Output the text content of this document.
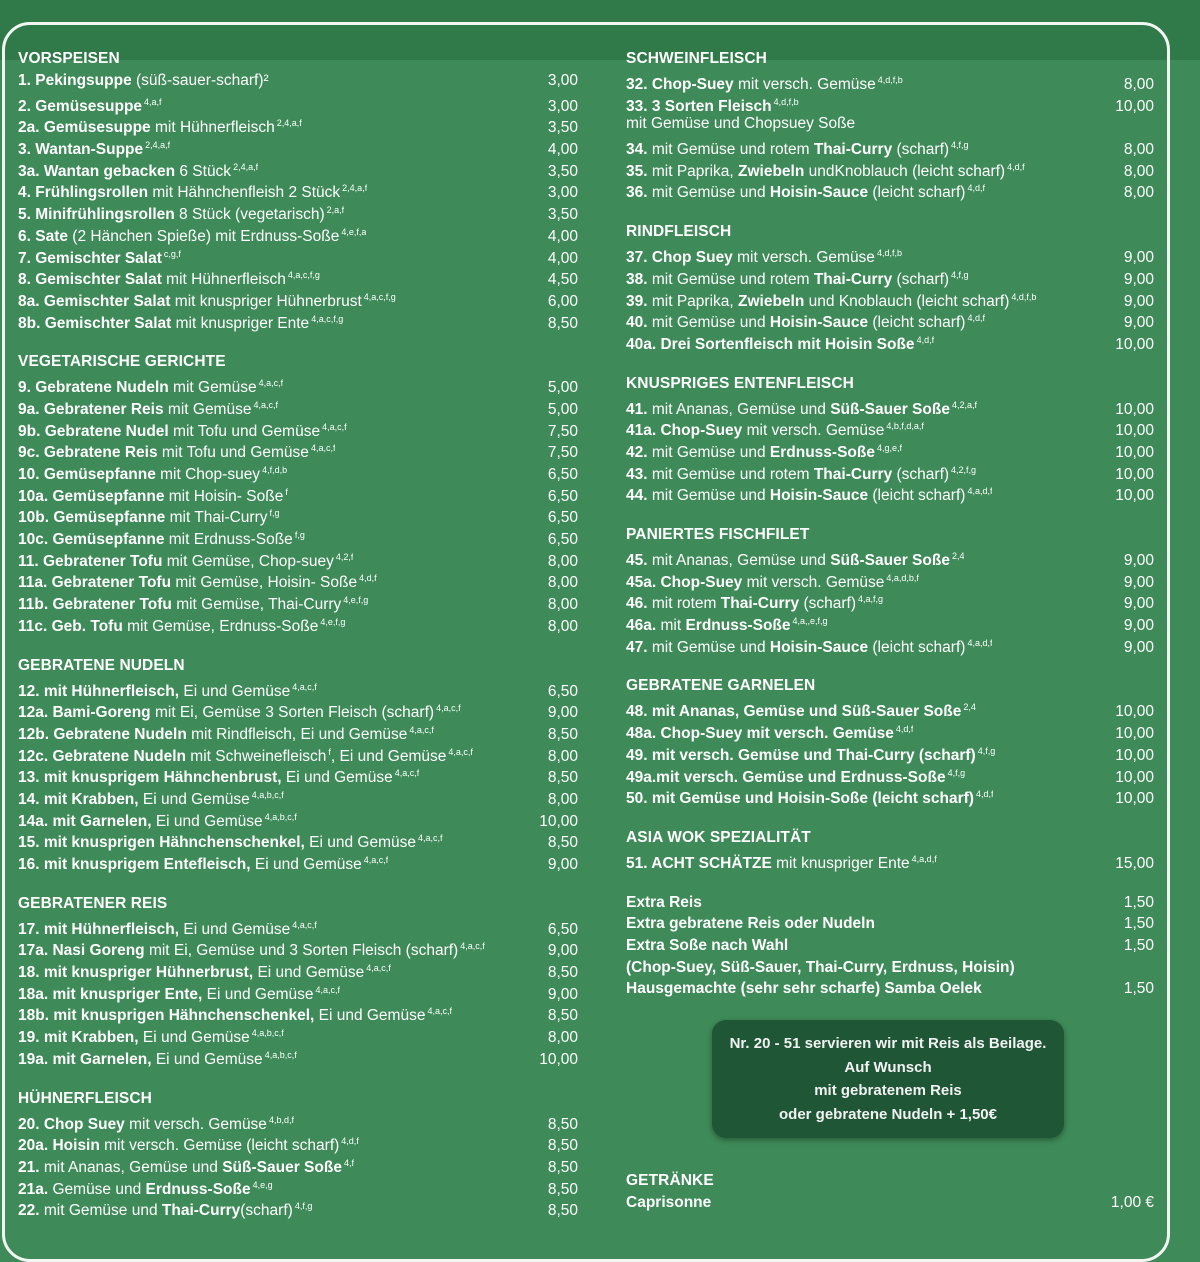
VORSPEISEN
1. Pekingsuppe (süß-sauer-scharf)²	3,00
2. Gemüsesuppe $^{4,a,f}$	3,00
2a. Gemüsesuppe mit Hühnerfleisch $^{2,4,a,f}$	3,50
3. Wantan-Suppe $^{2,4,a,f}$	4,00
3a. Wantan gebacken 6 Stück $^{2,4,a,f}$	3,50
4. Frühlingsrollen mit Hähnchenfleish 2 Stück $^{2,4,a,f}$	3,00
5. Minifrühlingsrollen 8 Stück (vegetarisch) $^{2,a,f}$	3,50
6. Sate (2 Hänchen Spieße) mit Erdnuss-Soße $^{4,e,f,a}$	4,00
7. Gemischter Salat $^{c,g,f}$	4,00
8. Gemischter Salat mit Hühnerfleisch $^{4,a,c,f,g}$	4,50
8a. Gemischter Salat mit knuspriger Hühnerbrust $^{4,a,c,f,g}$	6,00
8b. Gemischter Salat mit knuspriger Ente $^{4,a,c,f,g}$	8,50
VEGETARISCHE GERICHTE
9. Gebratene Nudeln mit Gemüse $^{4,a,c,f}$	5,00
9a. Gebratener Reis mit Gemüse $^{4,a,c,f}$	5,00
9b. Gebratene Nudel mit Tofu und Gemüse $^{4,a,c,f}$	7,50
9c. Gebratene Reis mit Tofu und Gemüse $^{4,a,c,f}$	7,50
10. Gemüsepfanne mit Chop-suey $^{4,f,d,b}$	6,50
10a. Gemüsepfanne mit Hoisin- Soße $^f$	6,50
10b. Gemüsepfanne mit Thai-Curry $^{f,g}$	6,50
10c. Gemüsepfanne mit Erdnuss-Soße $^{f,g}$	6,50
11. Gebratener Tofu mit Gemüse, Chop-suey $^{4,2,f}$	8,00
11a. Gebratener Tofu mit Gemüse, Hoisin- Soße $^{4,d,f}$	8,00
11b. Gebratener Tofu mit Gemüse, Thai-Curry $^{4,e,f,g}$	8,00
11c. Geb. Tofu mit Gemüse, Erdnuss-Soße $^{4,e,f,g}$	8,00
GEBRATENE NUDELN
12. mit Hühnerfleisch, Ei und Gemüse $^{4,a,c,f}$	6,50
12a. Bami-Goreng mit Ei, Gemüse 3 Sorten Fleisch (scharf) $^{4,a,c,f}$	9,00
12b. Gebratene Nudeln mit Rindfleisch, Ei und Gemüse $^{4,a,c,f}$	8,50
12c. Gebratene Nudeln mit Schweinefleisch $^f$, Ei und Gemüse $^{4,a,c,f}$	8,00
13. mit knusprigem Hähnchenbrust, Ei und Gemüse $^{4,a,c,f}$	8,50
14. mit Krabben, Ei und Gemüse $^{4,a,b,c,f}$	8,00
14a. mit Garnelen, Ei und Gemüse $^{4,a,b,c,f}$	10,00
15. mit knusprigen Hähnchenschenkel, Ei und Gemüse $^{4,a,c,f}$	8,50
16. mit knusprigem Entefleisch, Ei und Gemüse $^{4,a,c,f}$	9,00
GEBRATENER REIS
17. mit Hühnerfleisch, Ei und Gemüse $^{4,a,c,f}$	6,50
17a. Nasi Goreng mit Ei, Gemüse und 3 Sorten Fleisch (scharf) $^{4,a,c,f}$	9,00
18. mit knuspriger Hühnerbrust, Ei und Gemüse $^{4,a,c,f}$	8,50
18a. mit knuspriger Ente, Ei und Gemüse $^{4,a,c,f}$	9,00
18b. mit knusprigen Hähnchenschenkel, Ei und Gemüse $^{4,a,c,f}$	8,50
19. mit Krabben, Ei und Gemüse $^{4,a,b,c,f}$	8,00
19a. mit Garnelen, Ei und Gemüse $^{4,a,b,c,f}$	10,00
HÜHNERFLEISCH
20. Chop Suey mit versch. Gemüse $^{4,b,d,f}$	8,50
20a. Hoisin mit versch. Gemüse (leicht scharf) $^{4,d,f}$	8,50
21. mit Ananas, Gemüse und Süß-Sauer Soße $^{4,f}$	8,50
21a. Gemüse und Erdnuss-Soße $^{4,e,g}$	8,50
22. mit Gemüse und Thai-Curry(scharf) $^{4,f,g}$	8,50
SCHWEINFLEISCH
32. Chop-Suey mit versch. Gemüse $^{4,d,f,b}$	8,00
33. 3 Sorten Fleisch $^{4,d,f,b}$	10,00
mit Gemüse und Chopsuey Soße
34. mit Gemüse und rotem Thai-Curry (scharf) $^{4,f,g}$	8,00
35. mit Paprika, Zwiebeln undKnoblauch (leicht scharf) $^{4,d,f}$	8,00
36. mit Gemüse und Hoisin-Sauce (leicht scharf) $^{4,d,f}$	8,00
RINDFLEISCH
37. Chop Suey mit versch. Gemüse $^{4,d,f,b}$	9,00
38. mit Gemüse und rotem Thai-Curry (scharf) $^{4,f,g}$	9,00
39. mit Paprika, Zwiebeln und Knoblauch (leicht scharf) $^{4,d,f,b}$	9,00
40. mit Gemüse und Hoisin-Sauce (leicht scharf) $^{4,d,f}$	9,00
40a. Drei Sortenfleisch mit Hoisin Soße $^{4,d,f}$	10,00
KNUSPRIGES ENTENFLEISCH
41. mit Ananas, Gemüse und Süß-Sauer Soße $^{4,2,a,f}$	10,00
41a. Chop-Suey mit versch. Gemüse $^{4,b,f,d,a,f}$	10,00
42. mit Gemüse und Erdnuss-Soße $^{4,g,e,f}$	10,00
43. mit Gemüse und rotem Thai-Curry (scharf) $^{4,2,f,g}$	10,00
44. mit Gemüse und Hoisin-Sauce (leicht scharf) $^{4,a,d,f}$	10,00
PANIERTES FISCHFILET
45. mit Ananas, Gemüse und Süß-Sauer Soße $^{2,4}$	9,00
45a. Chop-Suey mit versch. Gemüse $^{4,a,d,b,f}$	9,00
46. mit rotem Thai-Curry (scharf) $^{4,a,f,g}$	9,00
46a. mit Erdnuss-Soße $^{4,a,,e,f,g}$	9,00
47. mit Gemüse und Hoisin-Sauce (leicht scharf) $^{4,a,d,f}$	9,00
GEBRATENE GARNELEN
48. mit Ananas, Gemüse und Süß-Sauer Soße $^{2,4}$	10,00
48a. Chop-Suey mit versch. Gemüse $^{4,d,f}$	10,00
49. mit versch. Gemüse und Thai-Curry (scharf) $^{4,f,g}$	10,00
49a.mit versch. Gemüse und Erdnuss-Soße $^{4,f,g}$	10,00
50. mit Gemüse und Hoisin-Soße (leicht scharf) $^{4,d,f}$	10,00
ASIA WOK SPEZIALITÄT
51. ACHT SCHÄTZE mit knuspriger Ente $^{4,a,d,f}$	15,00
Extra Reis	1,50
Extra gebratene Reis oder Nudeln	1,50
Extra Soße nach Wahl	1,50
(Chop-Suey, Süß-Sauer, Thai-Curry, Erdnuss, Hoisin)
Hausgemachte (sehr sehr scharfe) Samba Oelek	1,50
GETRÄNKE
Caprisonne	1,00 €
Nr. 20 - 51 servieren wir mit Reis als Beilage.
Auf Wunsch
mit gebratenem Reis
oder gebratene Nudeln + 1,50€
